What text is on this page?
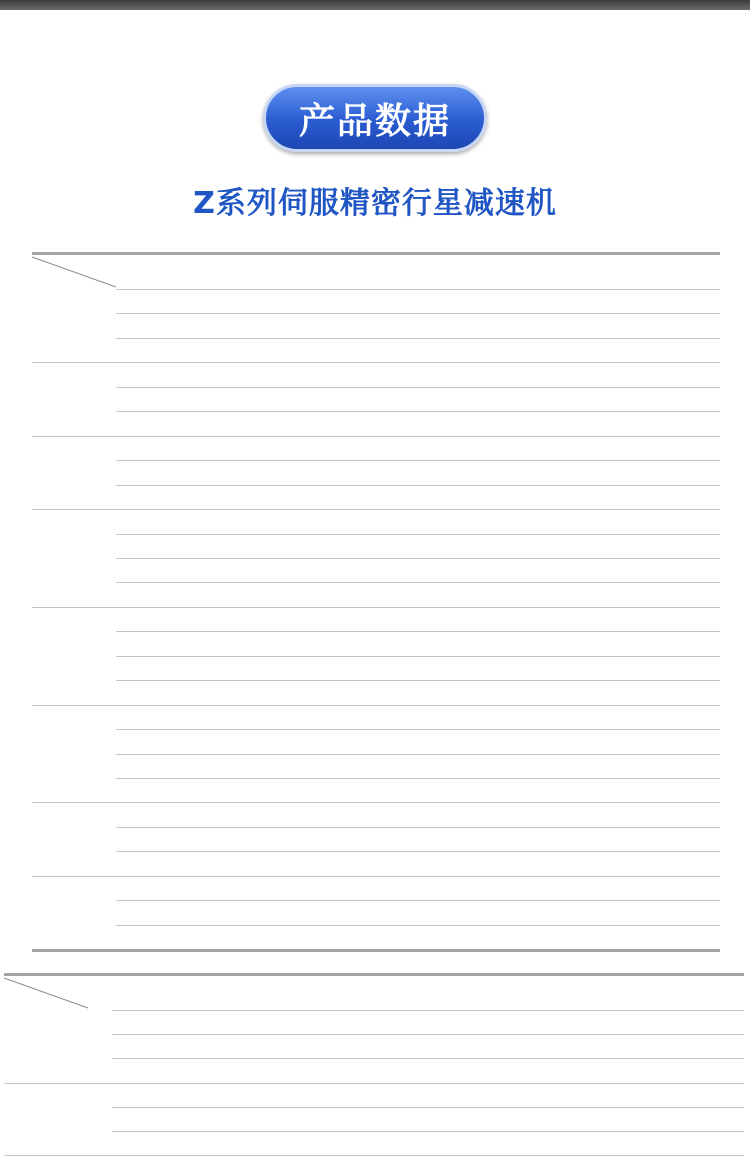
产品数据
Z系列伺服精密行星减速机
